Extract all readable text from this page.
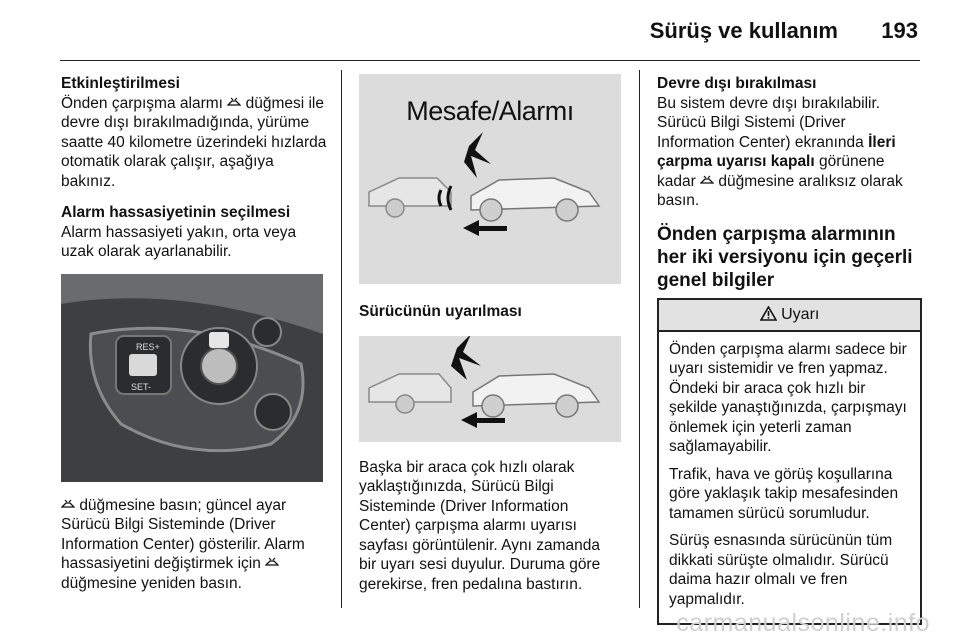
Sürüş ve kullanım 193

Etkinleştirilmesi
Önden çarpışma alarmı düğmesi ile devre dışı bırakılmadığında, yürüme saatte 40 kilometre üzerindeki hızlarda otomatik olarak çalışır, aşağıya bakınız.

Alarm hassasiyetinin seçilmesi
Alarm hassasiyeti yakın, orta veya uzak olarak ayarlanabilir.

RES+
SET-

düğmesine basın; güncel ayar Sürücü Bilgi Sisteminde (Driver Information Center) gösterilir. Alarm hassasiyetini değiştirmek için  düğmesine yeniden basın.

Mesafe/Alarmı

Sürücünün uyarılması

Başka bir araca çok hızlı olarak yaklaştığınızda, Sürücü Bilgi Sisteminde (Driver Information Center) çarpışma alarmı uyarısı sayfası görüntülenir. Aynı zamanda bir uyarı sesi duyulur. Duruma göre gerekirse, fren pedalına bastırın.

Devre dışı bırakılması
Bu sistem devre dışı bırakılabilir. Sürücü Bilgi Sistemi (Driver Information Center) ekranında İleri çarpma uyarısı kapalı görünene kadar düğmesine aralıksız olarak basın.

Önden çarpışma alarmının her iki versiyonu için geçerli genel bilgiler
Uyarı

Önden çarpışma alarmı sadece bir uyarı sistemidir ve fren yapmaz. Öndeki bir araca çok hızlı bir şekilde yanaştığınızda, çarpışmayı önlemek için yeterli zaman sağlamayabilir.

Trafik, hava ve görüş koşullarına göre yaklaşık takip mesafesinden tamamen sürücü sorumludur.

Sürüş esnasında sürücünün tüm dikkati sürüşte olmalıdır. Sürücü daima hazır olmalı ve fren yapmalıdır.

carmanualsonline.info
